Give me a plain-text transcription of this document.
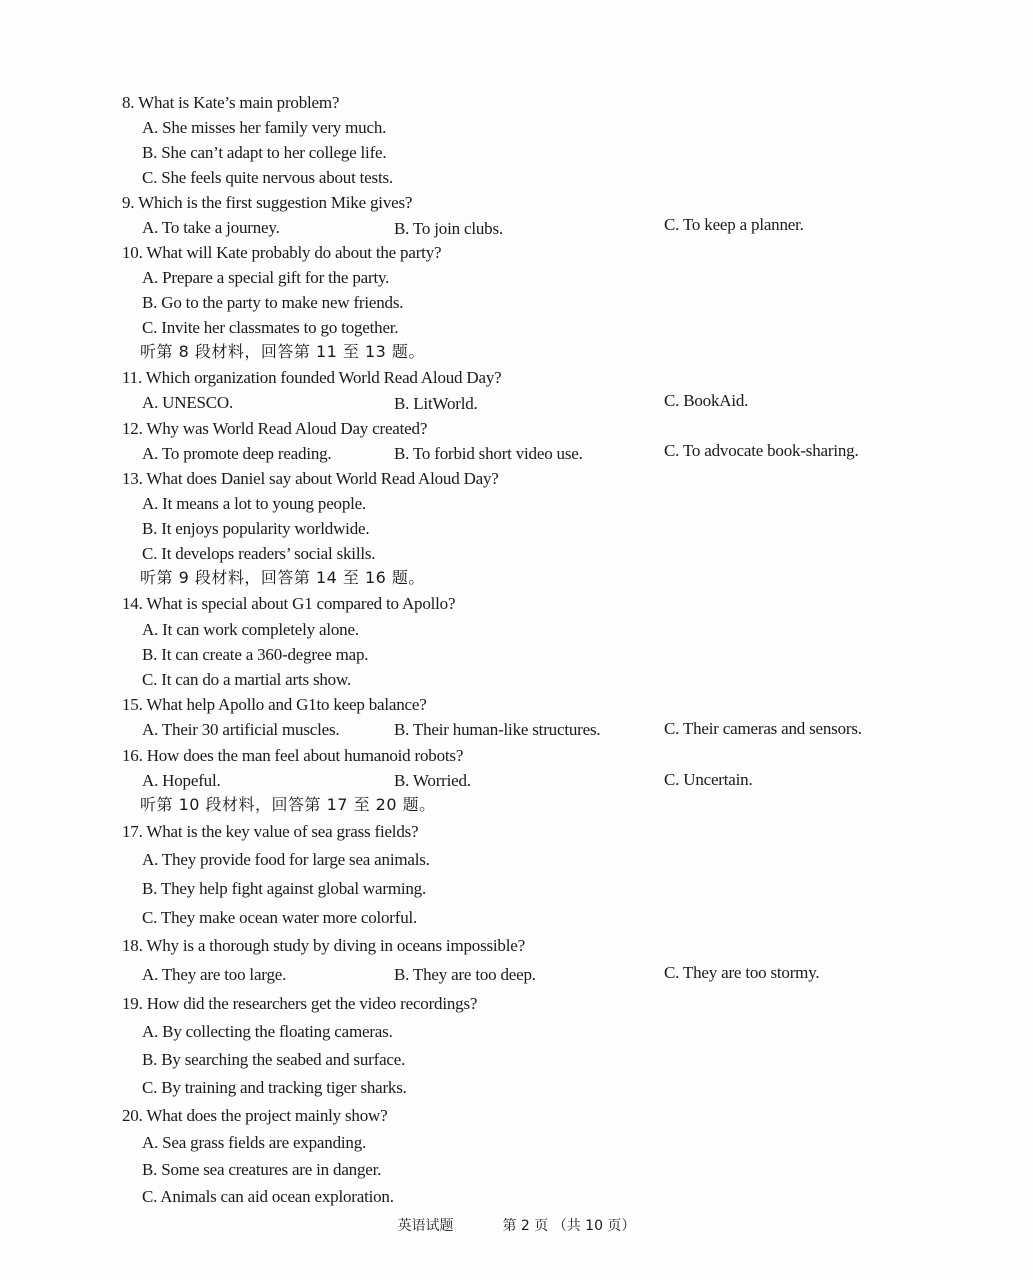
8. What is Kate’s main problem?
A. She misses her family very much.
B. She can’t adapt to her college life.
C. She feels quite nervous about tests.
9. Which is the first suggestion Mike gives?
A. To take a journey.	B. To join clubs.	C. To keep a planner.
10. What will Kate probably do about the party?
A. Prepare a special gift for the party.
B. Go to the party to make new friends.
C. Invite her classmates to go together.
听第 8 段材料，回答第 11 至 13 题。
11. Which organization founded World Read Aloud Day?
A. UNESCO.	B. LitWorld.	C. BookAid.
12. Why was World Read Aloud Day created?
A. To promote deep reading.	B. To forbid short video use.	C. To advocate book-sharing.
13. What does Daniel say about World Read Aloud Day?
A. It means a lot to young people.
B. It enjoys popularity worldwide.
C. It develops readers’ social skills.
听第 9 段材料，回答第 14 至 16 题。
14. What is special about G1 compared to Apollo?
A. It can work completely alone.
B. It can create a 360-degree map.
C. It can do a martial arts show.
15. What help Apollo and G1to keep balance?
A. Their 30 artificial muscles.	B. Their human-like structures.	C. Their cameras and sensors.
16. How does the man feel about humanoid robots?
A. Hopeful.	B. Worried.	C. Uncertain.
听第 10 段材料，回答第 17 至 20 题。
17. What is the key value of sea grass fields?
A. They provide food for large sea animals.
B. They help fight against global warming.
C. They make ocean water more colorful.
18. Why is a thorough study by diving in oceans impossible?
A. They are too large.	B. They are too deep.	C. They are too stormy.
19. How did the researchers get the video recordings?
A. By collecting the floating cameras.
B. By searching the seabed and surface.
C. By training and tracking tiger sharks.
20. What does the project mainly show?
A. Sea grass fields are expanding.
B. Some sea creatures are in danger.
C. Animals can aid ocean exploration.
英语试题	第 2 页 （共 10 页）
